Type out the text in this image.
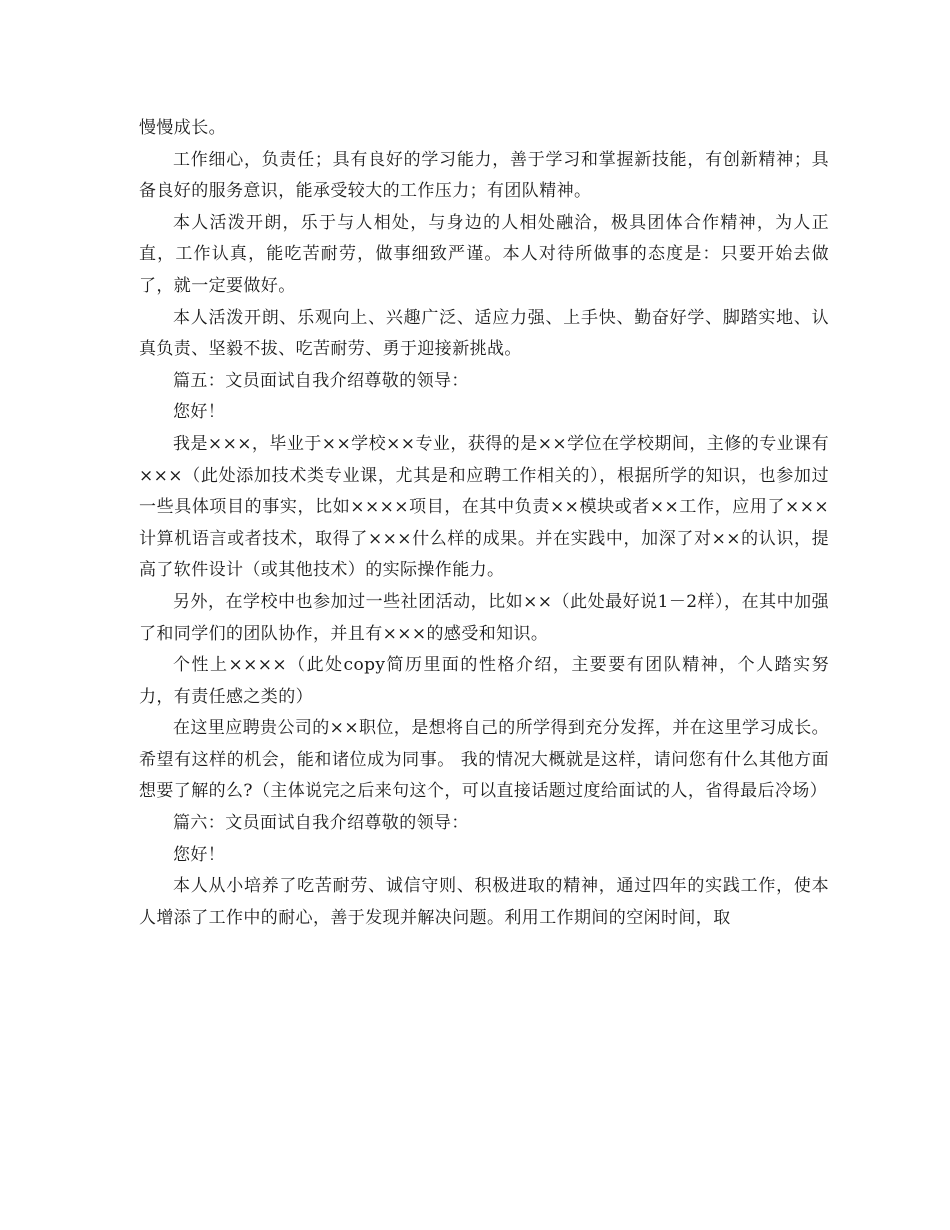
慢慢成长。

工作细心，负责任；具有良好的学习能力，善于学习和掌握新技能，有创新精神；具备良好的服务意识，能承受较大的工作压力；有团队精神。

本人活泼开朗，乐于与人相处，与身边的人相处融洽，极具团体合作精神，为人正直，工作认真，能吃苦耐劳，做事细致严谨。本人对待所做事的态度是：只要开始去做了，就一定要做好。

本人活泼开朗、乐观向上、兴趣广泛、适应力强、上手快、勤奋好学、脚踏实地、认真负责、坚毅不拔、吃苦耐劳、勇于迎接新挑战。

篇五：文员面试自我介绍尊敬的领导：

您好！

我是×××，毕业于××学校××专业，获得的是××学位在学校期间，主修的专业课有×××（此处添加技术类专业课，尤其是和应聘工作相关的），根据所学的知识，也参加过一些具体项目的事实，比如××××项目，在其中负责××模块或者××工作，应用了×××计算机语言或者技术，取得了×××什么样的成果。并在实践中，加深了对××的认识，提高了软件设计（或其他技术）的实际操作能力。

另外，在学校中也参加过一些社团活动，比如××（此处最好说1－2样），在其中加强了和同学们的团队协作，并且有×××的感受和知识。

个性上××××（此处copy简历里面的性格介绍，主要要有团队精神，个人踏实努力，有责任感之类的）

在这里应聘贵公司的××职位，是想将自己的所学得到充分发挥，并在这里学习成长。希望有这样的机会，能和诸位成为同事。 我的情况大概就是这样，请问您有什么其他方面想要了解的么?（主体说完之后来句这个，可以直接话题过度给面试的人，省得最后冷场）

篇六：文员面试自我介绍尊敬的领导：

您好！

本人从小培养了吃苦耐劳、诚信守则、积极进取的精神，通过四年的实践工作，使本人增添了工作中的耐心，善于发现并解决问题。利用工作期间的空闲时间，取
